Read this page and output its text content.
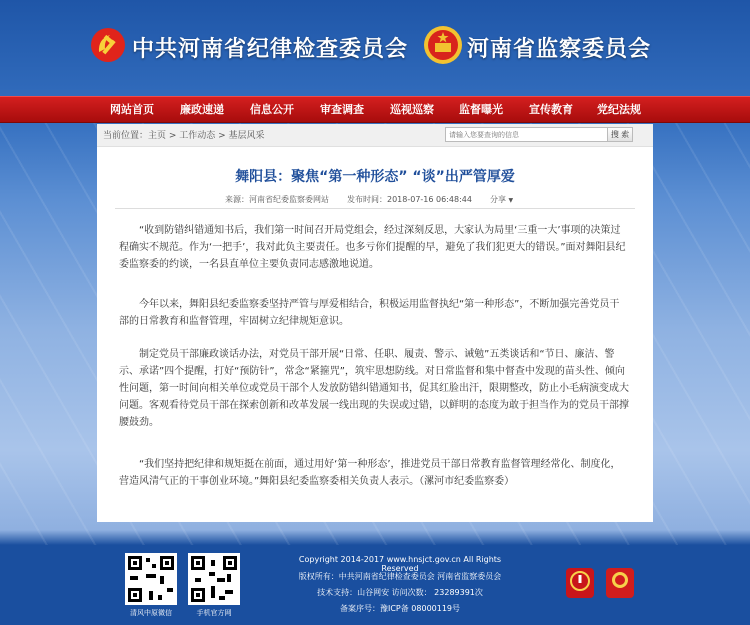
中共河南省纪律检查委员会	河南省监察委员会
网站首页 廉政速递 信息公开 审查调查 巡视巡察 监督曝光 宣传教育 党纪法规
当前位置：主页 > 工作动态 > 基层风采
请输入您要查询的信息	搜 索
舞阳县：聚焦“第一种形态” “谈”出严管厚爱
来源：河南省纪委监察委网站 发布时间：2018-07-16 06:48:44 分享 ▼

“收到防错纠错通知书后，我们第一时间召开局党组会，经过深刻反思，大家认为局里‘三重一大’事项的决策过程确实不规范。作为‘一把手’，我对此负主要责任。也多亏你们提醒的早，避免了我们犯更大的错误。”面对舞阳县纪委监察委的约谈，一名县直单位主要负责同志感激地说道。

今年以来，舞阳县纪委监察委坚持严管与厚爱相结合，积极运用监督执纪“第一种形态”，不断加强完善党员干部的日常教育和监督管理，牢固树立纪律规矩意识。

制定党员干部廉政谈话办法，对党员干部开展“日常、任职、履责、警示、诫勉”五类谈话和“节日、廉洁、警示、承诺”四个提醒，打好“预防针”，常念“紧箍咒”，筑牢思想防线。对日常监督和集中督查中发现的苗头性、倾向性问题，第一时间向相关单位或党员干部个人发放防错纠错通知书，促其红脸出汗，限期整改，防止小毛病演变成大问题。客观看待党员干部在探索创新和改革发展一线出现的失误或过错，以鲜明的态度为敢于担当作为的党员干部撑腰鼓劲。

“我们坚持把纪律和规矩挺在前面，通过用好‘第一种形态’，推进党员干部日常教育监督管理经常化、制度化，营造风清气正的干事创业环境。”舞阳县纪委监察委相关负责人表示。（漯河市纪委监察委）

清风中原微信	手机官方网
Copyright 2014-2017 www.hnsjct.gov.cn All Rights Reserved
版权所有：中共河南省纪律检查委员会 河南省监察委员会
技术支持：山谷网安 访问次数： 23289391次
备案序号：豫ICP备 08000119号
